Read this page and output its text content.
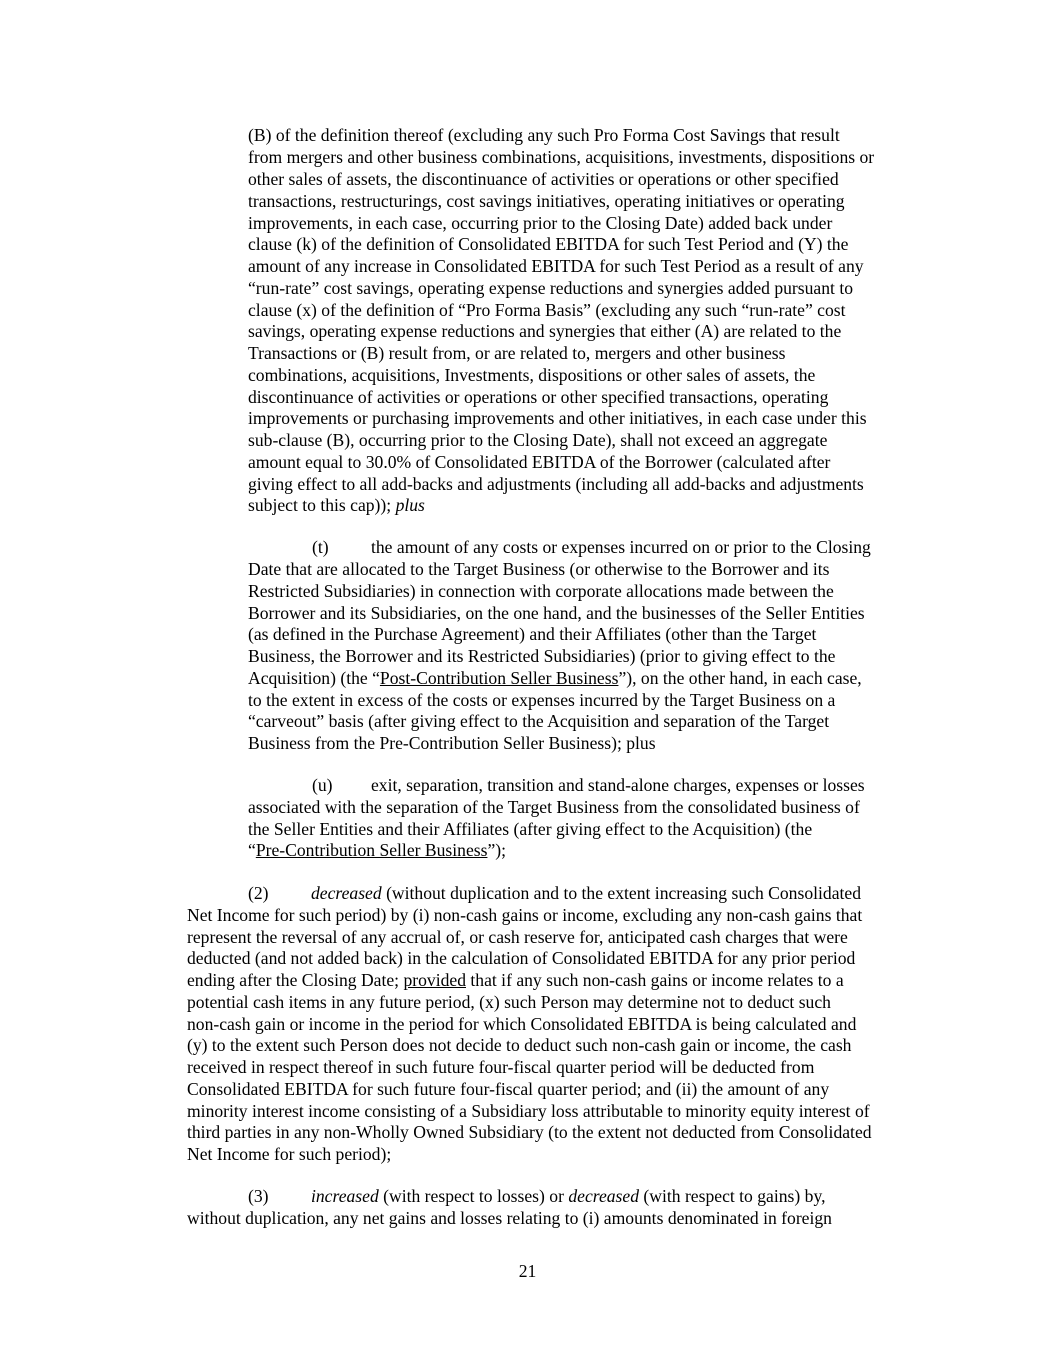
(B) of the definition thereof (excluding any such Pro Forma Cost Savings that result
from mergers and other business combinations, acquisitions, investments, dispositions or
other sales of assets, the discontinuance of activities or operations or other specified
transactions, restructurings, cost savings initiatives, operating initiatives or operating
improvements, in each case, occurring prior to the Closing Date) added back under
clause (k) of the definition of Consolidated EBITDA for such Test Period and (Y) the
amount of any increase in Consolidated EBITDA for such Test Period as a result of any
“run-rate” cost savings, operating expense reductions and synergies added pursuant to
clause (x) of the definition of “Pro Forma Basis” (excluding any such “run-rate” cost
savings, operating expense reductions and synergies that either (A) are related to the
Transactions or (B) result from, or are related to, mergers and other business
combinations, acquisitions, Investments, dispositions or other sales of assets, the
discontinuance of activities or operations or other specified transactions, operating
improvements or purchasing improvements and other initiatives, in each case under this
sub-clause (B), occurring prior to the Closing Date), shall not exceed an aggregate
amount equal to 30.0% of Consolidated EBITDA of the Borrower (calculated after
giving effect to all add-backs and adjustments (including all add-backs and adjustments
subject to this cap)); plus
(t) the amount of any costs or expenses incurred on or prior to the Closing
Date that are allocated to the Target Business (or otherwise to the Borrower and its
Restricted Subsidiaries) in connection with corporate allocations made between the
Borrower and its Subsidiaries, on the one hand, and the businesses of the Seller Entities
(as defined in the Purchase Agreement) and their Affiliates (other than the Target
Business, the Borrower and its Restricted Subsidiaries) (prior to giving effect to the
Acquisition) (the “Post-Contribution Seller Business”), on the other hand, in each case,
to the extent in excess of the costs or expenses incurred by the Target Business on a
“carveout” basis (after giving effect to the Acquisition and separation of the Target
Business from the Pre-Contribution Seller Business); plus
(u) exit, separation, transition and stand-alone charges, expenses or losses
associated with the separation of the Target Business from the consolidated business of
the Seller Entities and their Affiliates (after giving effect to the Acquisition) (the
“Pre-Contribution Seller Business”);
(2) decreased (without duplication and to the extent increasing such Consolidated
Net Income for such period) by (i) non-cash gains or income, excluding any non-cash gains that
represent the reversal of any accrual of, or cash reserve for, anticipated cash charges that were
deducted (and not added back) in the calculation of Consolidated EBITDA for any prior period
ending after the Closing Date; provided that if any such non-cash gains or income relates to a
potential cash items in any future period, (x) such Person may determine not to deduct such
non-cash gain or income in the period for which Consolidated EBITDA is being calculated and
(y) to the extent such Person does not decide to deduct such non-cash gain or income, the cash
received in respect thereof in such future four-fiscal quarter period will be deducted from
Consolidated EBITDA for such future four-fiscal quarter period; and (ii) the amount of any
minority interest income consisting of a Subsidiary loss attributable to minority equity interest of
third parties in any non-Wholly Owned Subsidiary (to the extent not deducted from Consolidated
Net Income for such period);
(3) increased (with respect to losses) or decreased (with respect to gains) by,
without duplication, any net gains and losses relating to (i) amounts denominated in foreign
21
